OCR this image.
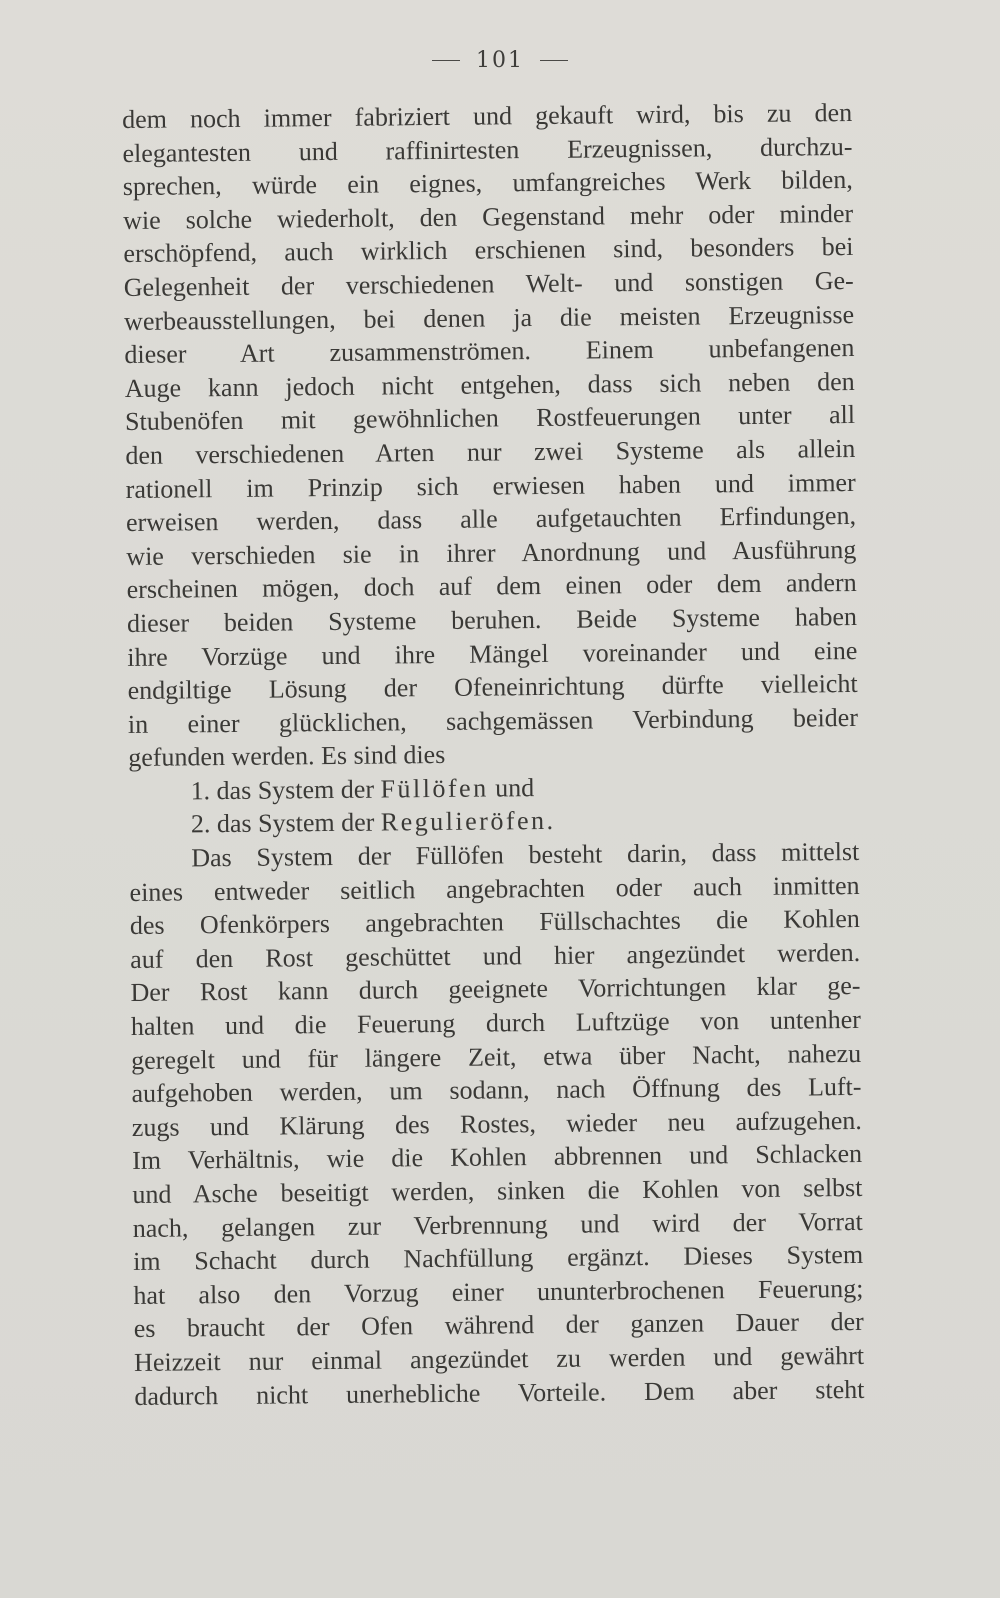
101
dem noch immer fabriziert und gekauft wird, bis zu den
elegantesten und raffinirtesten Erzeugnissen, durchzu-
sprechen, würde ein eignes, umfangreiches Werk bilden,
wie solche wiederholt, den Gegenstand mehr oder minder
erschöpfend, auch wirklich erschienen sind, besonders bei
Gelegenheit der verschiedenen Welt- und sonstigen Ge-
werbeausstellungen, bei denen ja die meisten Erzeugnisse
dieser Art zusammenströmen. Einem unbefangenen
Auge kann jedoch nicht entgehen, dass sich neben den
Stubenöfen mit gewöhnlichen Rostfeuerungen unter all
den verschiedenen Arten nur zwei Systeme als allein
rationell im Prinzip sich erwiesen haben und immer
erweisen werden, dass alle aufgetauchten Erfindungen,
wie verschieden sie in ihrer Anordnung und Ausführung
erscheinen mögen, doch auf dem einen oder dem andern
dieser beiden Systeme beruhen. Beide Systeme haben
ihre Vorzüge und ihre Mängel voreinander und eine
endgiltige Lösung der Ofeneinrichtung dürfte vielleicht
in einer glücklichen, sachgemässen Verbindung beider
gefunden werden. Es sind dies
1. das System der Füllöfen und
2. das System der Regulieröfen.
Das System der Füllöfen besteht darin, dass mittelst
eines entweder seitlich angebrachten oder auch inmitten
des Ofenkörpers angebrachten Füllschachtes die Kohlen
auf den Rost geschüttet und hier angezündet werden.
Der Rost kann durch geeignete Vorrichtungen klar ge-
halten und die Feuerung durch Luftzüge von untenher
geregelt und für längere Zeit, etwa über Nacht, nahezu
aufgehoben werden, um sodann, nach Öffnung des Luft-
zugs und Klärung des Rostes, wieder neu aufzugehen.
Im Verhältnis, wie die Kohlen abbrennen und Schlacken
und Asche beseitigt werden, sinken die Kohlen von selbst
nach, gelangen zur Verbrennung und wird der Vorrat
im Schacht durch Nachfüllung ergänzt. Dieses System
hat also den Vorzug einer ununterbrochenen Feuerung;
es braucht der Ofen während der ganzen Dauer der
Heizzeit nur einmal angezündet zu werden und gewährt
dadurch nicht unerhebliche Vorteile. Dem aber steht
